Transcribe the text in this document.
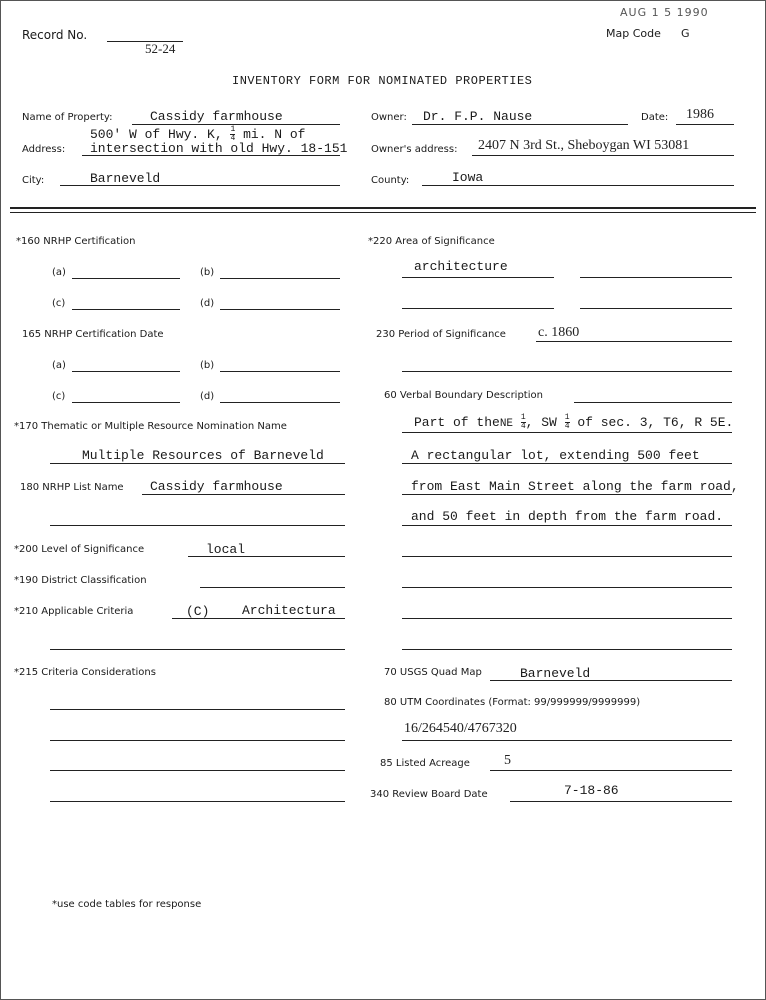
Record No.
52-24
AUG 1 5 1990
Map Code G
INVENTORY FORM FOR NOMINATED PROPERTIES
Name of Property:	Cassidy farmhouse
500' W of Hwy. K, $\frac{1}{4}$ mi. N of
Address: intersection with old Hwy. 18-151
City:	Barneveld
Owner: Dr. F.P. Nause	Date: 1986
Owner's address: 2407 N 3rd St., Sheboygan WI 53081
County:	Iowa
*160 NRHP Certification
(a)	(b)
(c)	(d)
165 NRHP Certification Date
(a)	(b)
(c)	(d)
*170 Thematic or Multiple Resource Nomination Name
Multiple Resources of Barneveld
180 NRHP List Name Cassidy farmhouse
*200 Level of Significance	local
*190 District Classification
*210 Applicable Criteria	(C)	Architectura
*215 Criteria Considerations
*220 Area of Significance
architecture
230 Period of Significance c. 1860
60 Verbal Boundary Description
Part of theNE $\frac{1}{4}$ , SW $\frac{1}{4}$ of sec. 3, T6, R 5E.
A rectangular lot, extending 500 feet
from East Main Street along the farm road,
and 50 feet in depth from the farm road.
70 USGS Quad Map	Barneveld
80 UTM Coordinates (Format: 99/999999/9999999)
16/264540/4767320
85 Listed Acreage 5
340 Review Board Date	7-18-86
*use code tables for response
